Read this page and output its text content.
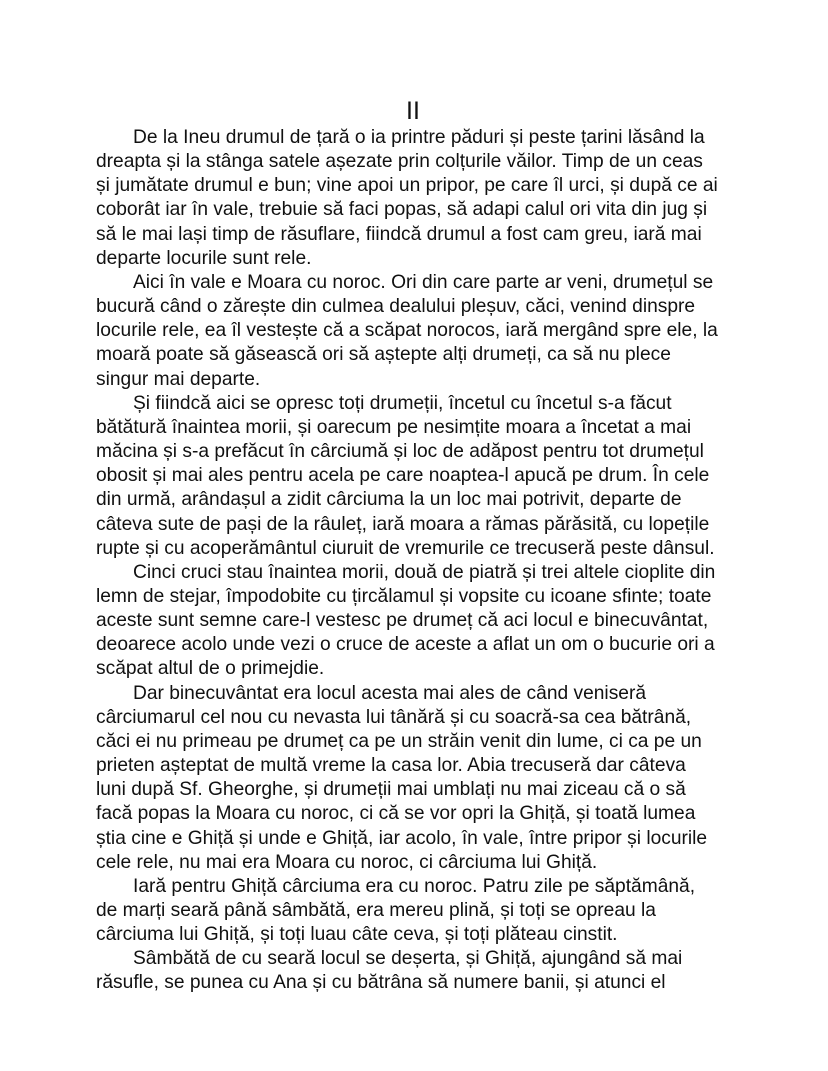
II

De la Ineu drumul de țară o ia printre păduri și peste țarini lăsând la
dreapta și la stânga satele așezate prin colțurile văilor. Timp de un ceas
și jumătate drumul e bun; vine apoi un pripor, pe care îl urci, și după ce ai
coborât iar în vale, trebuie să faci popas, să adapi calul ori vita din jug și
să le mai lași timp de răsuflare, fiindcă drumul a fost cam greu, iară mai
departe locurile sunt rele.

Aici în vale e Moara cu noroc. Ori din care parte ar veni, drumețul se
bucură când o zărește din culmea dealului pleșuv, căci, venind dinspre
locurile rele, ea îl vestește că a scăpat norocos, iară mergând spre ele, la
moară poate să găsească ori să aștepte alți drumeți, ca să nu plece
singur mai departe.

Și fiindcă aici se opresc toți drumeții, încetul cu încetul s-a făcut
bătătură înaintea morii, și oarecum pe nesimțite moara a încetat a mai
măcina și s-a prefăcut în cârciumă și loc de adăpost pentru tot drumețul
obosit și mai ales pentru acela pe care noaptea-l apucă pe drum. În cele
din urmă, arândașul a zidit cârciuma la un loc mai potrivit, departe de
câteva sute de pași de la râuleț, iară moara a rămas părăsită, cu lopețile
rupte și cu acoperământul ciuruit de vremurile ce trecuseră peste dânsul.

Cinci cruci stau înaintea morii, două de piatră și trei altele cioplite din
lemn de stejar, împodobite cu țircălamul și vopsite cu icoane sfinte; toate
aceste sunt semne care-l vestesc pe drumeț că aci locul e binecuvântat,
deoarece acolo unde vezi o cruce de aceste a aflat un om o bucurie ori a
scăpat altul de o primejdie.

Dar binecuvântat era locul acesta mai ales de când veniseră
cârciumarul cel nou cu nevasta lui tânără și cu soacră-sa cea bătrână,
căci ei nu primeau pe drumeț ca pe un străin venit din lume, ci ca pe un
prieten așteptat de multă vreme la casa lor. Abia trecuseră dar câteva
luni după Sf. Gheorghe, și drumeții mai umblați nu mai ziceau că o să
facă popas la Moara cu noroc, ci că se vor opri la Ghiță, și toată lumea
știa cine e Ghiță și unde e Ghiță, iar acolo, în vale, între pripor și locurile
cele rele, nu mai era Moara cu noroc, ci cârciuma lui Ghiță.

Iară pentru Ghiță cârciuma era cu noroc. Patru zile pe săptămână,
de marți seară până sâmbătă, era mereu plină, și toți se opreau la
cârciuma lui Ghiță, și toți luau câte ceva, și toți plăteau cinstit.

Sâmbătă de cu seară locul se deșerta, și Ghiță, ajungând să mai
răsufle, se punea cu Ana și cu bătrâna să numere banii, și atunci el
